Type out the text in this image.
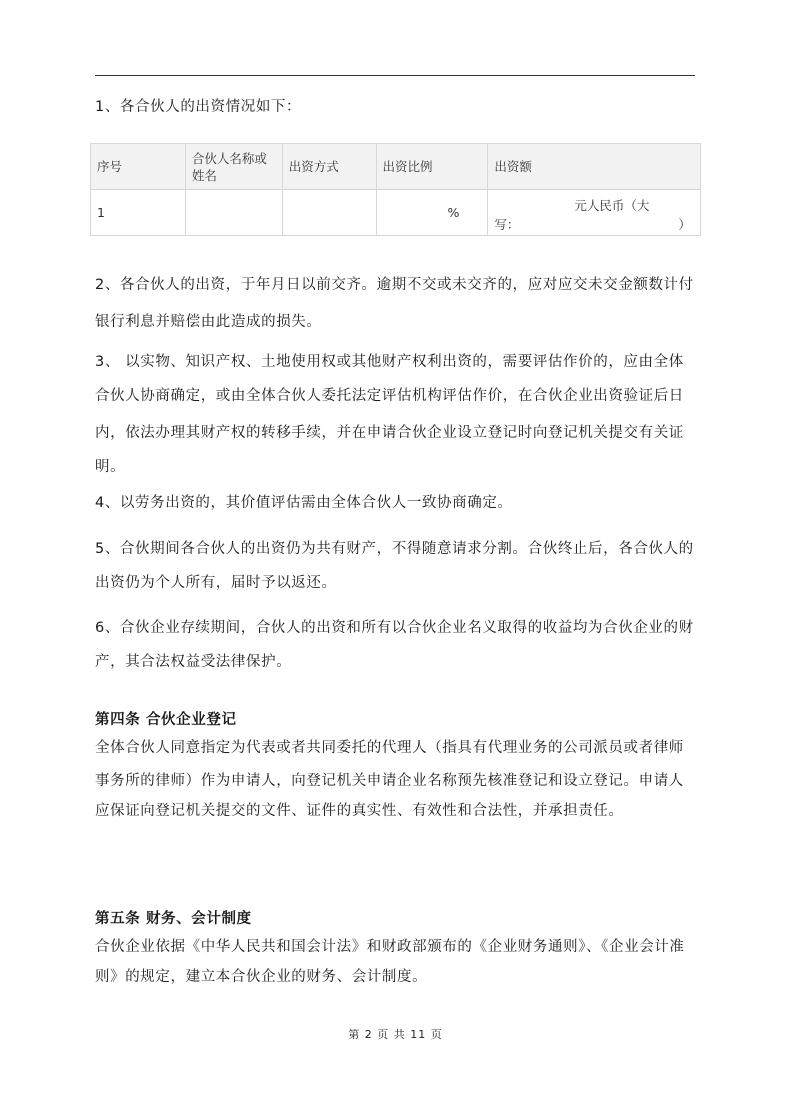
1、各合伙人的出资情况如下：

序号	合伙人名称或姓名	出资方式	出资比例	出资额
1			%	元人民币（大
写： ）

2、各合伙人的出资，于年月日以前交齐。逾期不交或未交齐的，应对应交未交金额数计付银行利息并赔偿由此造成的损失。

3、 以实物、知识产权、土地使用权或其他财产权利出资的，需要评估作价的，应由全体合伙人协商确定，或由全体合伙人委托法定评估机构评估作价，在合伙企业出资验证后日内，依法办理其财产权的转移手续，并在申请合伙企业设立登记时向登记机关提交有关证明。

4、以劳务出资的，其价值评估需由全体合伙人一致协商确定。

5、合伙期间各合伙人的出资仍为共有财产，不得随意请求分割。合伙终止后，各合伙人的出资仍为个人所有，届时予以返还。

6、合伙企业存续期间，合伙人的出资和所有以合伙企业名义取得的收益均为合伙企业的财产，其合法权益受法律保护。

第四条 合伙企业登记

全体合伙人同意指定为代表或者共同委托的代理人（指具有代理业务的公司派员或者律师事务所的律师）作为申请人，向登记机关申请企业名称预先核准登记和设立登记。申请人应保证向登记机关提交的文件、证件的真实性、有效性和合法性，并承担责任。

第五条 财务、会计制度

合伙企业依据《中华人民共和国会计法》和财政部颁布的《企业财务通则》、《企业会计准则》的规定，建立本合伙企业的财务、会计制度。

第 2 页 共 11 页
